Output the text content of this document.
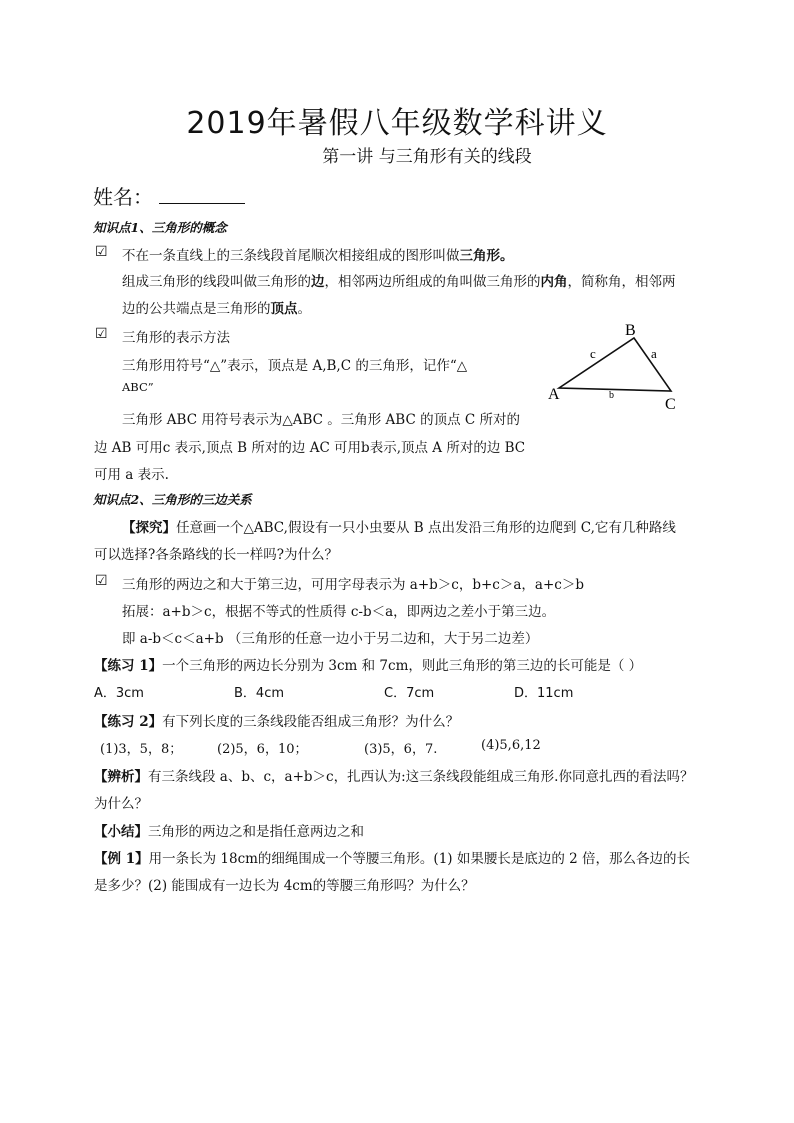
2019年暑假八年级数学科讲义
第一讲 与三角形有关的线段
姓名：
知识点1、三角形的概念
☑ 不在一条直线上的三条线段首尾顺次相接组成的图形叫做三角形。
组成三角形的线段叫做三角形的边，相邻两边所组成的角叫做三角形的内角，简称角，相邻两
边的公共端点是三角形的顶点。
☑ 三角形的表示方法
三角形用符号“△”表示，顶点是 A,B,C 的三角形，记作“△
ABC”
三角形 ABC 用符号表示为△ABC 。三角形 ABC 的顶点 C 所对的
边 AB 可用c 表示,顶点 B 所对的边 AC 可用b表示,顶点 A 所对的边 BC
可用 a 表示.
A
B
C
c	a
b
知识点2、三角形的三边关系
【探究】任意画一个△ABC,假设有一只小虫要从 B 点出发沿三角形的边爬到 C,它有几种路线
可以选择?各条路线的长一样吗?为什么？
☑ 三角形的两边之和大于第三边，可用字母表示为 a+b＞c，b+c＞a，a+c＞b
拓展：a+b＞c，根据不等式的性质得 c-b＜a，即两边之差小于第三边。
即 a-b＜c＜a+b （三角形的任意一边小于另二边和，大于另二边差）
【练习 1】一个三角形的两边长分别为 3cm 和 7cm，则此三角形的第三边的长可能是（ ）
A．3cm	B．4cm	C．7cm	D．11cm
【练习 2】有下列长度的三条线段能否组成三角形？为什么？
(1)3，5，8；	(2)5，6，10；	(3)5，6，7.	(4)5,6,12
【辨析】有三条线段 a、b、c，a+b＞c，扎西认为:这三条线段能组成三角形.你同意扎西的看法吗？
为什么？
【小结】三角形的两边之和是指任意两边之和
【例 1】用一条长为 18cm的细绳围成一个等腰三角形。(1) 如果腰长是底边的 2 倍，那么各边的长
是多少？(2) 能围成有一边长为 4cm的等腰三角形吗？为什么？
